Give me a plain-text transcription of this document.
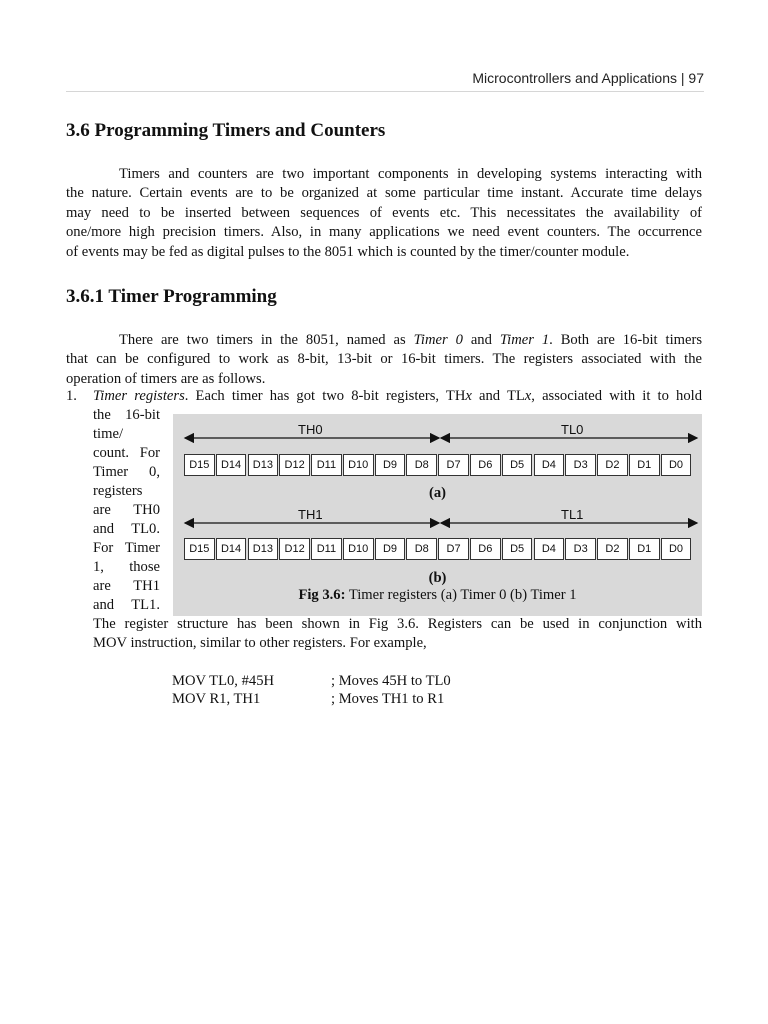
Microcontrollers and Applications | 97
3.6 Programming Timers and Counters
Timers and counters are two important components in developing systems interacting with
the nature. Certain events are to be organized at some particular time instant. Accurate time delays
may need to be inserted between sequences of events etc. This necessitates the availability of
one/more high precision timers. Also, in many applications we need event counters. The occurrence
of events may be fed as digital pulses to the 8051 which is counted by the timer/counter module.
3.6.1 Timer Programming
There are two timers in the 8051, named as Timer 0 and Timer 1. Both are 16-bit timers
that can be configured to work as 8-bit, 13-bit or 16-bit timers. The registers associated with the
operation of timers are as follows.
1. Timer registers. Each timer has got two 8-bit registers, THx and TLx, associated with it to hold
the 16-bit
time/
count. For
Timer 0,
registers
are TH0
and TL0.
For Timer
1, those
are TH1
and TL1.
TH0	TL0
D15	D14	D13	D12	D11	D10	D9	D8	D7	D6	D5	D4	D3	D2	D1	D0
(a)
TH1	TL1
D15	D14	D13	D12	D11	D10	D9	D8	D7	D6	D5	D4	D3	D2	D1	D0
(b)
Fig 3.6: Timer registers (a) Timer 0 (b) Timer 1
The register structure has been shown in Fig 3.6. Registers can be used in conjunction with
MOV instruction, similar to other registers. For example,
MOV TL0, #45H	; Moves 45H to TL0
MOV R1, TH1	; Moves TH1 to R1
